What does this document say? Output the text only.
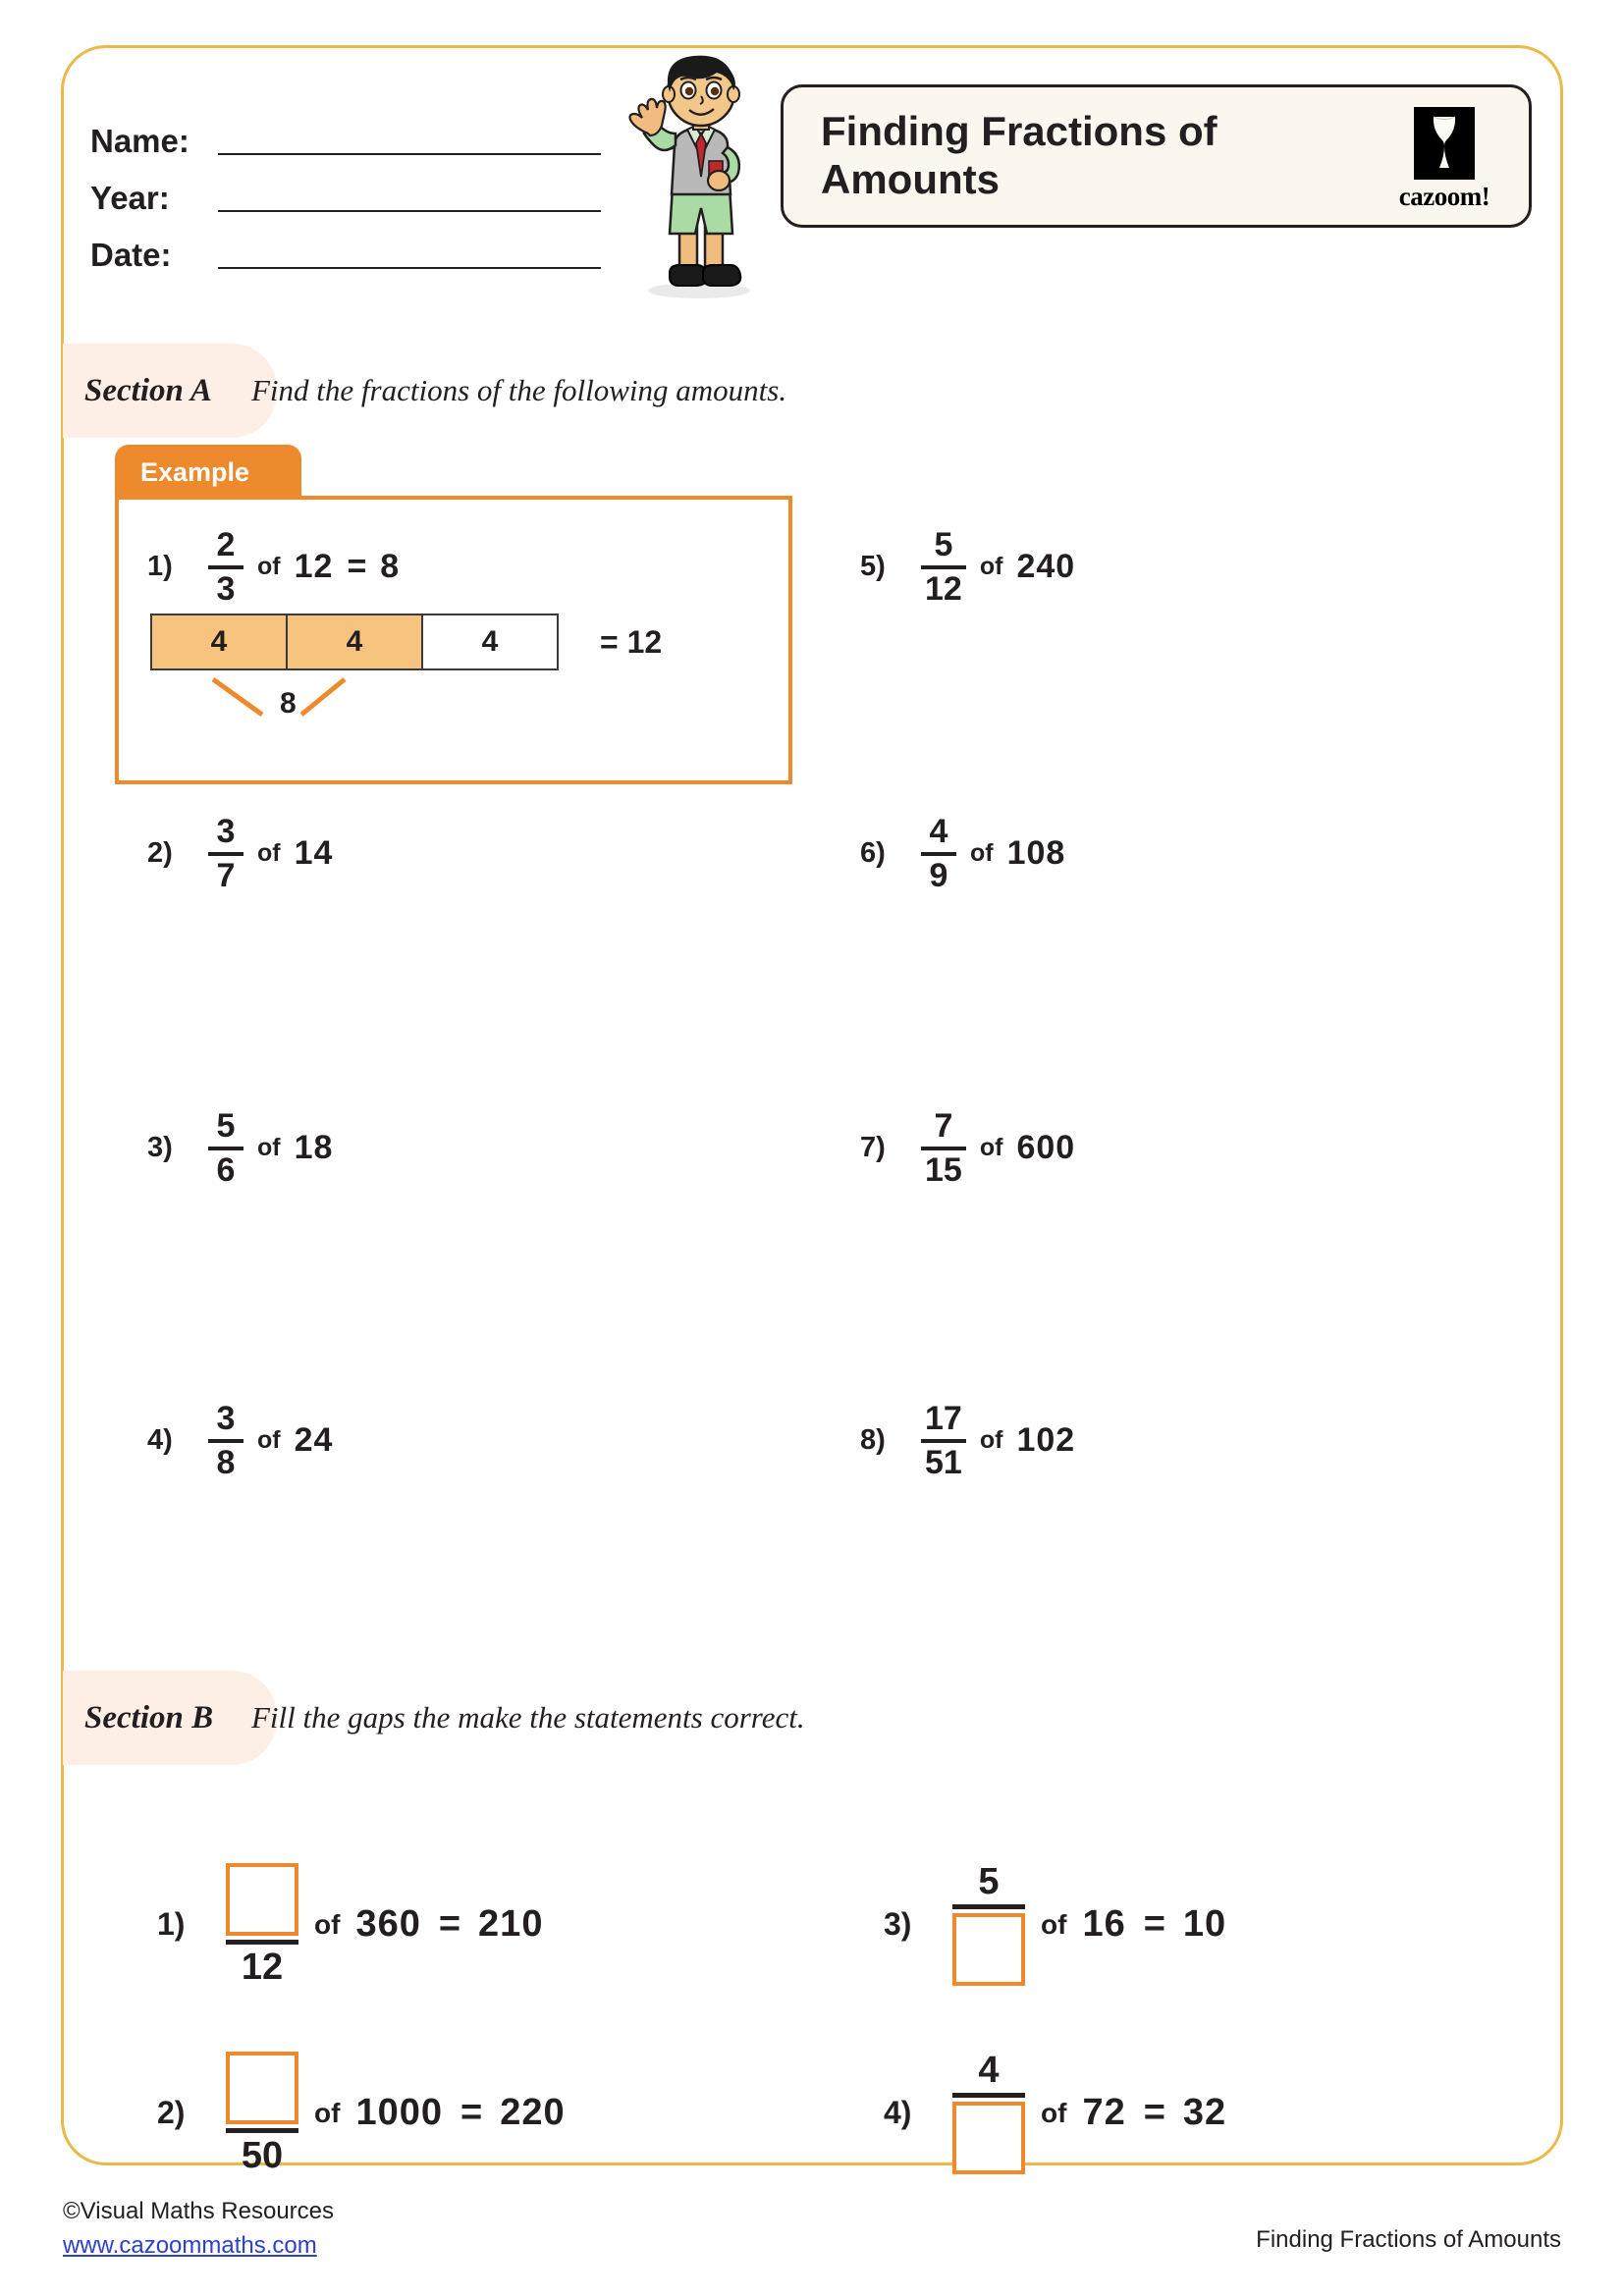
Name:
Year:
Date:
Finding Fractions of Amounts	cazoom!
Section A	Find the fractions of the following amounts.
Example
1)	$\frac{2}{3}$ of 12 = 8
4	4	4	= 12
8
2)	$\frac{3}{7}$ of 14
3)	$\frac{5}{6}$ of 18
4)	$\frac{3}{8}$ of 24
5)	$\frac{5}{12}$ of 240
6)	$\frac{4}{9}$ of 108
7)	$\frac{7}{15}$ of 600
8)	$\frac{17}{51}$ of 102
Section B	Fill the gaps the make the statements correct.
1)
12
of 360 = 210
2)
50
of 1000 = 220
3)
5
of 16 = 10
4)
4
of 72 = 32
©Visual Maths Resources
www.cazoommaths.com	Finding Fractions of Amounts
